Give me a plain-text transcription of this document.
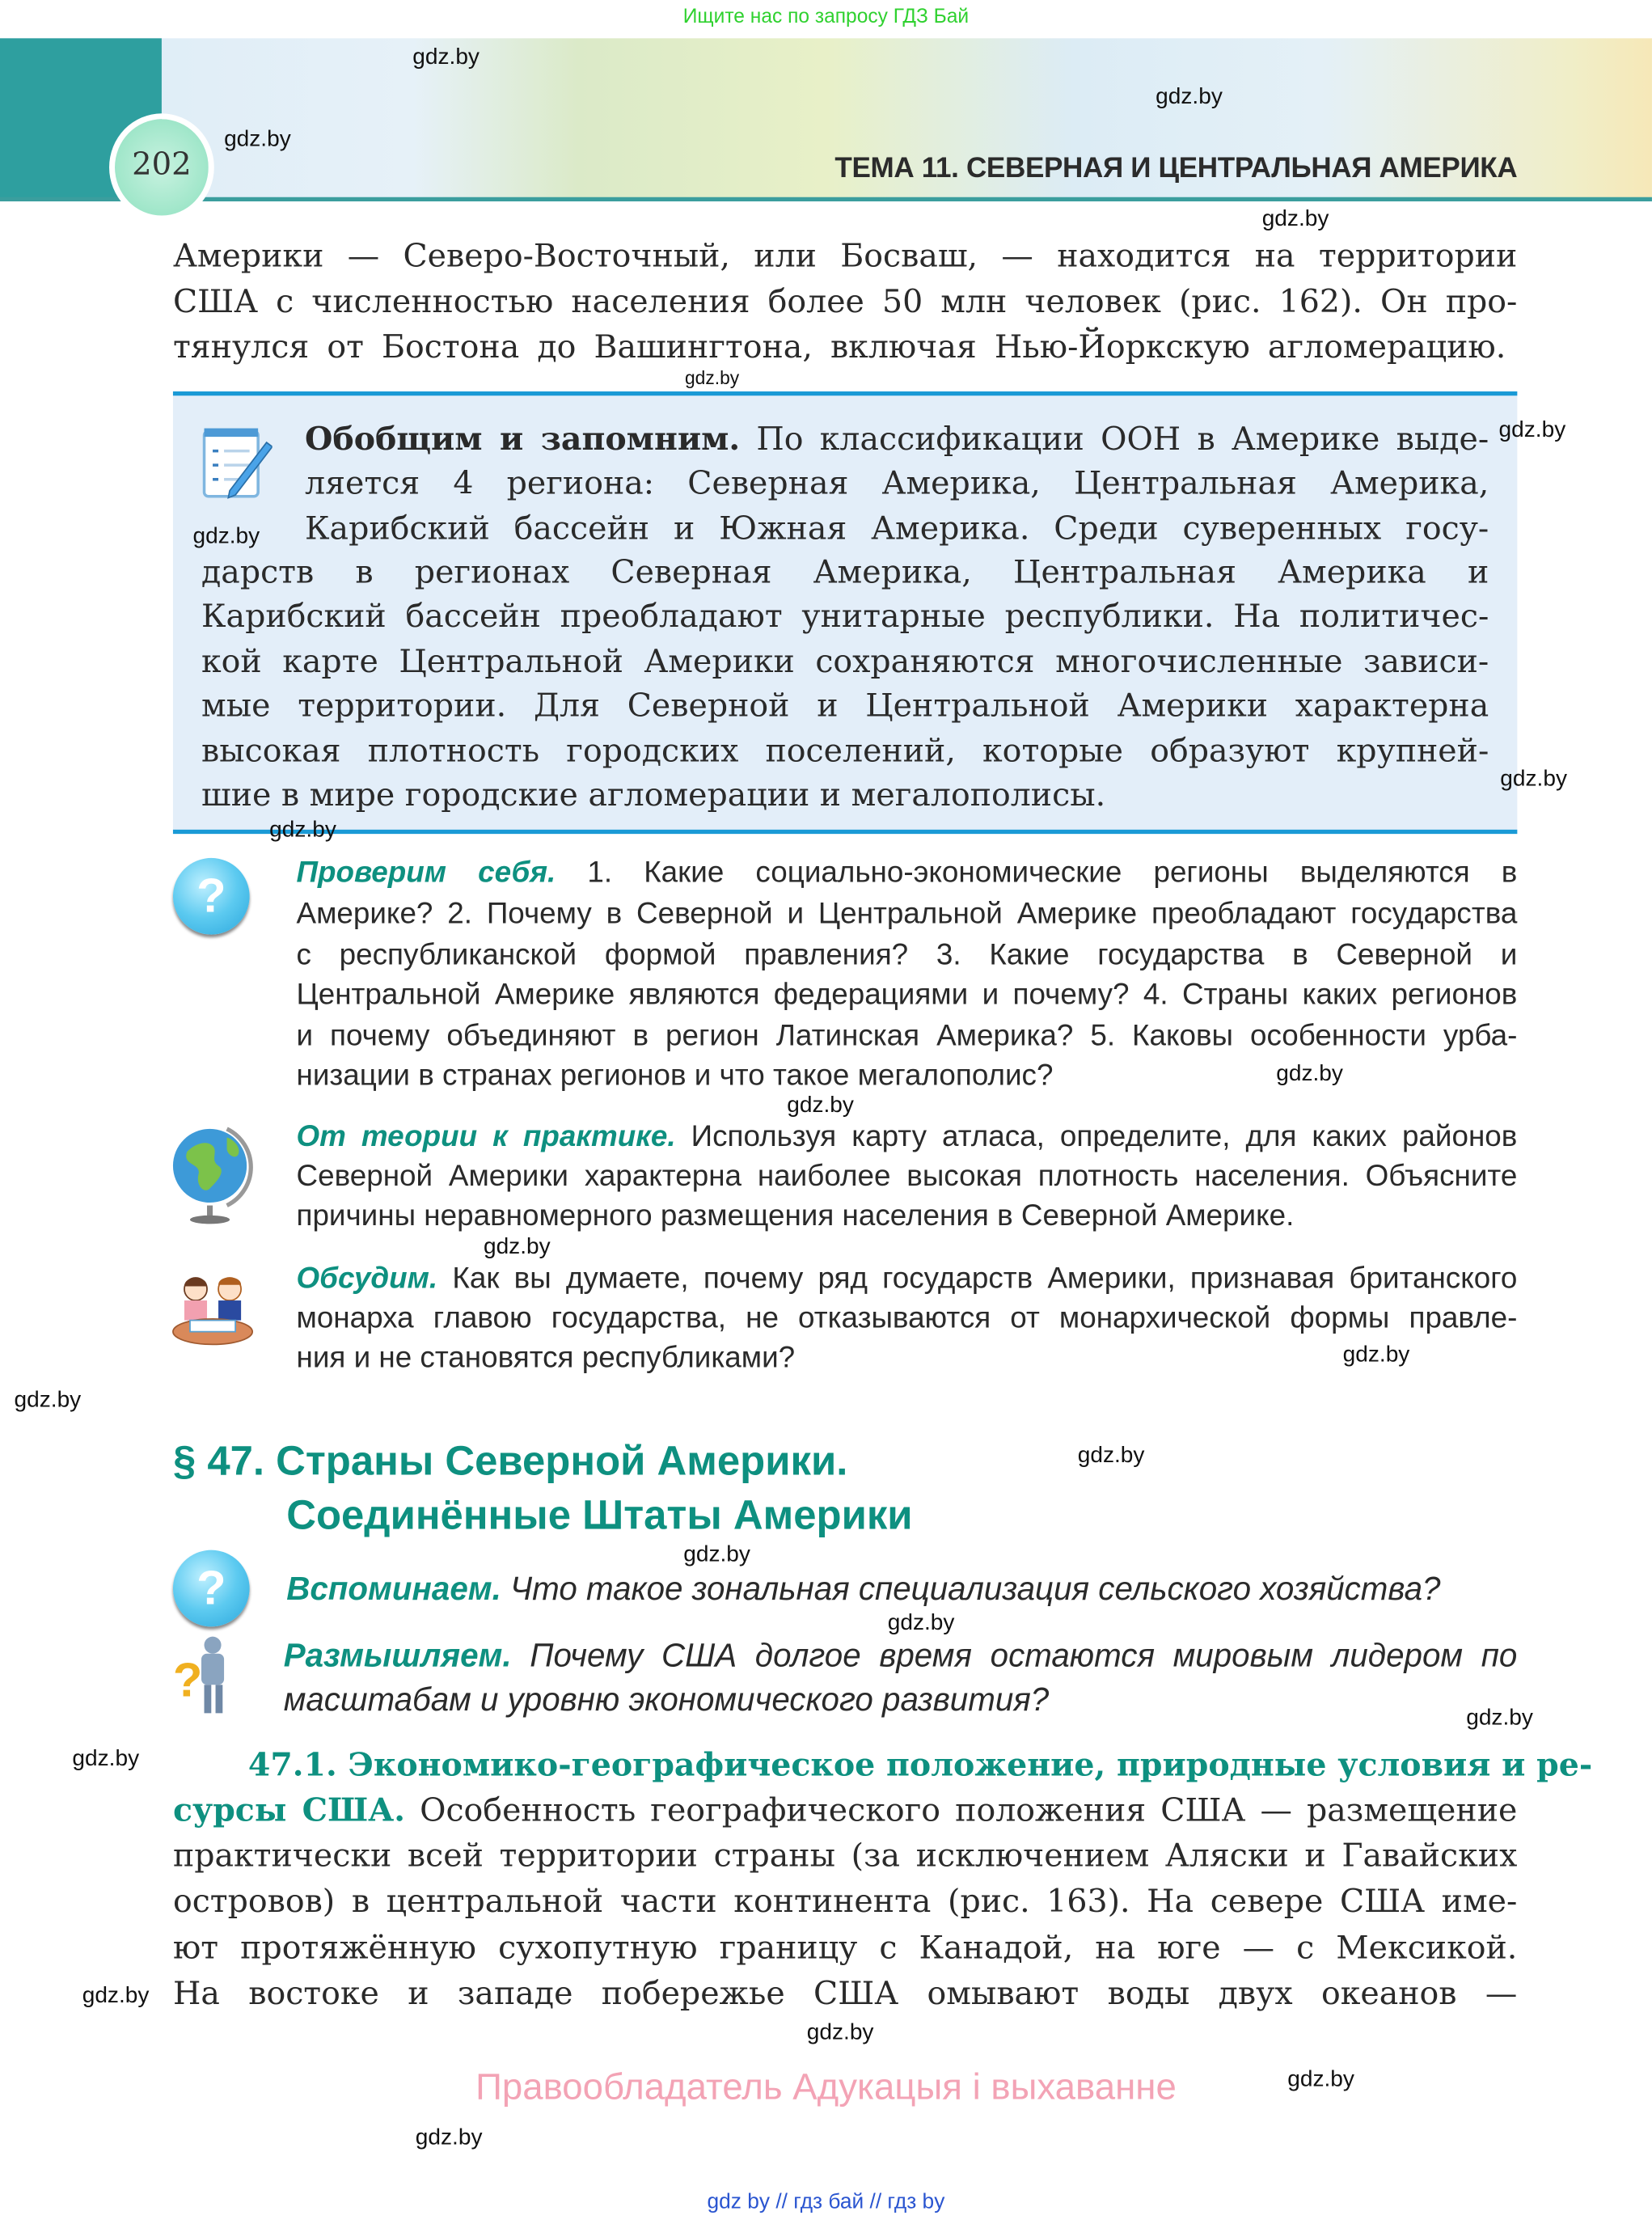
Ищите нас по запросу ГДЗ Бай
202	ТЕМА 11. СЕВЕРНАЯ И ЦЕНТРАЛЬНАЯ АМЕРИКА
Америки — Северо-Восточный, или Босваш, — находится на территории
США с численностью населения более 50 млн человек (рис. 162). Он про-
тянулся от Бостона до Вашингтона, включая Нью-Йоркскую агломерацию.
Обобщим и запомним. По классификации ООН в Америке выде-
ляется 4 региона: Северная Америка, Центральная Америка,
Карибский бассейн и Южная Америка. Среди суверенных госу-
дарств в регионах Северная Америка, Центральная Америка и
Карибский бассейн преобладают унитарные республики. На политичес-
кой карте Центральной Америки сохраняются многочисленные зависи-
мые территории. Для Северной и Центральной Америки характерна
высокая плотность городских поселений, которые образуют крупней-
шие в мире городские агломерации и мегалополисы.
?	Проверим себя. 1. Какие социально-экономические регионы выделяются в
Америке? 2. Почему в Северной и Центральной Америке преобладают государства
с республиканской формой правления? 3. Какие государства в Северной и
Центральной Америке являются федерациями и почему? 4. Страны каких регионов
и почему объединяют в регион Латинская Америка? 5. Каковы особенности урба-
низации в странах регионов и что такое мегалополис?
От теории к практике. Используя карту атласа, определите, для каких районов
Северной Америки характерна наиболее высокая плотность населения. Объясните
причины неравномерного размещения населения в Северной Америке.
Обсудим. Как вы думаете, почему ряд государств Америки, признавая британского
монарха главою государства, не отказываются от монархической формы правле-
ния и не становятся республиками?
§ 47. Страны Северной Америки.
Соединённые Штаты Америки
?	Вспоминаем. Что такое зональная специализация сельского хозяйства?
?	Размышляем. Почему США долгое время остаются мировым лидером по
масштабам и уровню экономического развития?
47.1. Экономико-географическое положение, природные условия и ре-
сурсы США. Особенность географического положения США — размещение
практически всей территории страны (за исключением Аляски и Гавайских
островов) в центральной части континента (рис. 163). На севере США име-
ют протяжённую сухопутную границу с Канадой, на юге — с Мексикой.
На востоке и западе побережье США омывают воды двух океанов —
Правообладатель Адукацыя і выхаванне
gdz by // гдз бай // гдз by
gdz.by
gdz.by
gdz.by
gdz.by
gdz.by
gdz.by
gdz.by
gdz.by
gdz.by
gdz.by
gdz.by
gdz.by
gdz.by
gdz.by
gdz.by
gdz.by
gdz.by
gdz.by
gdz.by
gdz.by
gdz.by
gdz.by
gdz.by
